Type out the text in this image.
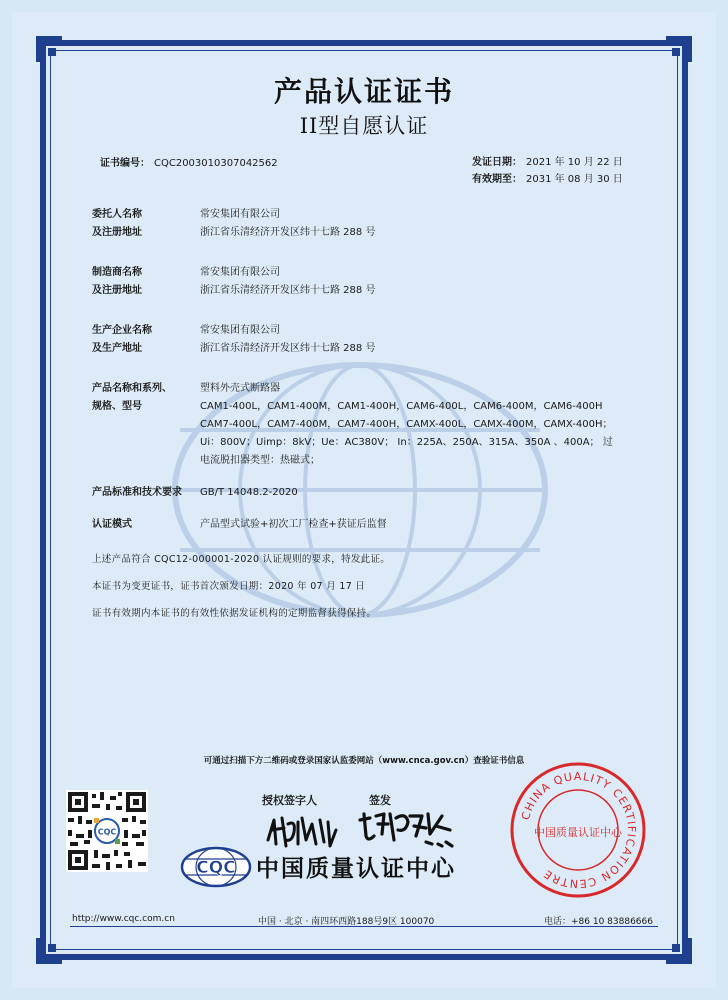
产品认证证书
II型自愿认证
证书编号： CQC2003010307042562	发证日期： 2021 年 10 月 22 日
有效期至： 2031 年 08 月 30 日
委托人名称	常安集团有限公司
及注册地址	浙江省乐清经济开发区纬十七路 288 号
制造商名称	常安集团有限公司
及注册地址	浙江省乐清经济开发区纬十七路 288 号
生产企业名称	常安集团有限公司
及生产地址	浙江省乐清经济开发区纬十七路 288 号
产品名称和系列、	塑料外壳式断路器
规格、型号	CAM1-400L，CAM1-400M，CAM1-400H，CAM6-400L，CAM6-400M，CAM6-400H
CAM7-400L，CAM7-400M，CAM7-400H，CAMX-400L，CAMX-400M，CAMX-400H；
Ui：800V；Uimp：8kV；Ue：AC380V； In：225A、250A、315A、350A 、400A； 过
电流脱扣器类型：热磁式；
产品标准和技术要求	GB/T 14048.2-2020
认证模式	产品型式试验+初次工厂检查+获证后监督
上述产品符合 CQC12-000001-2020 认证规则的要求，特发此证。
本证书为变更证书，证书首次颁发日期：2020 年 07 月 17 日
证书有效期内本证书的有效性依据发证机构的定期监督获得保持。
可通过扫描下方二维码或登录国家认监委网站（www.cnca.gov.cn）查验证书信息
CQC
授权签字人	签发
CQC 中国质量认证中心
CHINA QUALITY CERTIFICATION CENTRE
中国质量认证中心
http://www.cqc.com.cn	中国 · 北京 · 南四环西路188号9区 100070	电话：+86 10 83886666
